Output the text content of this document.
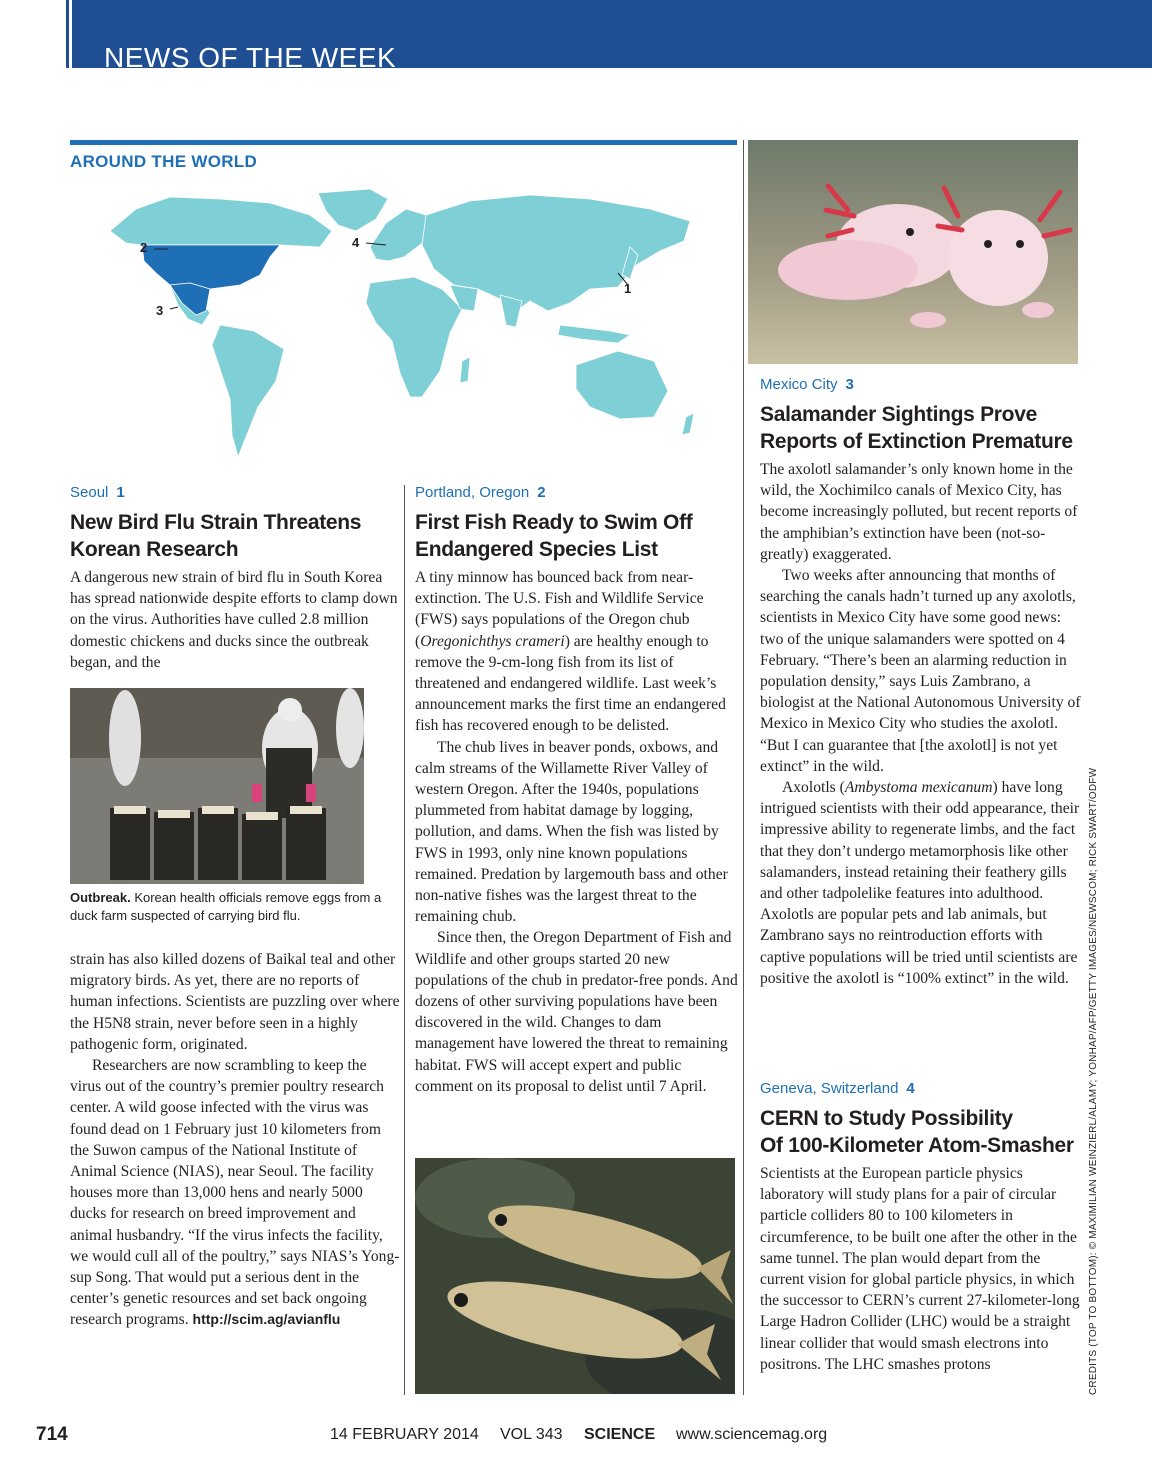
NEWS OF THE WEEK
AROUND THE WORLD
1
2
3
4
Seoul 1
New Bird Flu Strain Threatens
Korean Research

A dangerous new strain of bird flu in South Korea has spread nationwide despite efforts to clamp down on the virus. Authorities have culled 2.8 million domestic chickens and ducks since the outbreak began, and the

Outbreak. Korean health officials remove eggs from a duck farm suspected of carrying bird flu.

strain has also killed dozens of Baikal teal and other migratory birds. As yet, there are no reports of human infections. Scientists are puzzling over where the H5N8 strain, never before seen in a highly pathogenic form, originated.

Researchers are now scrambling to keep the virus out of the country’s premier poultry research center. A wild goose infected with the virus was found dead on 1 February just 10 kilometers from the Suwon campus of the National Institute of Animal Science (NIAS), near Seoul. The facility houses more than 13,000 hens and nearly 5000 ducks for research on breed improvement and animal husbandry. “If the virus infects the facility, we would cull all of the poultry,” says NIAS’s Yong-sup Song. That would put a serious dent in the center’s genetic resources and set back ongoing research programs. http://scim.ag/avianflu

Portland, Oregon 2
First Fish Ready to Swim Off
Endangered Species List

A tiny minnow has bounced back from near-extinction. The U.S. Fish and Wildlife Service (FWS) says populations of the Oregon chub (Oregonichthys crameri) are healthy enough to remove the 9-cm-long fish from its list of threatened and endangered wildlife. Last week’s announcement marks the first time an endangered fish has recovered enough to be delisted.

The chub lives in beaver ponds, oxbows, and calm streams of the Willamette River Valley of western Oregon. After the 1940s, populations plummeted from habitat damage by logging, pollution, and dams. When the fish was listed by FWS in 1993, only nine known populations remained. Predation by largemouth bass and other non-native fishes was the largest threat to the remaining chub.

Since then, the Oregon Department of Fish and Wildlife and other groups started 20 new populations of the chub in predator-free ponds. And dozens of other surviving populations have been discovered in the wild. Changes to dam management have lowered the threat to remaining habitat. FWS will accept expert and public comment on its proposal to delist until 7 April.

Mexico City 3
Salamander Sightings Prove
Reports of Extinction Premature

The axolotl salamander’s only known home in the wild, the Xochimilco canals of Mexico City, has become increasingly polluted, but recent reports of the amphibian’s extinction have been (not-so-greatly) exaggerated.

Two weeks after announcing that months of searching the canals hadn’t turned up any axolotls, scientists in Mexico City have some good news: two of the unique salamanders were spotted on 4 February. “There’s been an alarming reduction in population density,” says Luis Zambrano, a biologist at the National Autonomous University of Mexico in Mexico City who studies the axolotl. “But I can guarantee that [the axolotl] is not yet extinct” in the wild.

Axolotls (Ambystoma mexicanum) have long intrigued scientists with their odd appearance, their impressive ability to regenerate limbs, and the fact that they don’t undergo metamorphosis like other salamanders, instead retaining their feathery gills and other tadpolelike features into adulthood. Axolotls are popular pets and lab animals, but Zambrano says no reintroduction efforts with captive populations will be tried until scientists are positive the axolotl is “100% extinct” in the wild.

Geneva, Switzerland 4
CERN to Study Possibility
Of 100-Kilometer Atom-Smasher

Scientists at the European particle physics laboratory will study plans for a pair of circular particle colliders 80 to 100 kilometers in circumference, to be built one after the other in the same tunnel. The plan would depart from the current vision for global particle physics, in which the successor to CERN’s current 27-kilometer-long Large Hadron Collider (LHC) would be a straight linear collider that would smash electrons into positrons. The LHC smashes protons	CREDITS (TOP TO BOTTOM): © MAXIMILIAN WEINZIERL/ALAMY; YONHAP/AFP/GETTY IMAGES/NEWSCOM; RICK SWART/ODFW
714	14 FEBRUARY 2014 VOL 343 SCIENCE www.sciencemag.org
